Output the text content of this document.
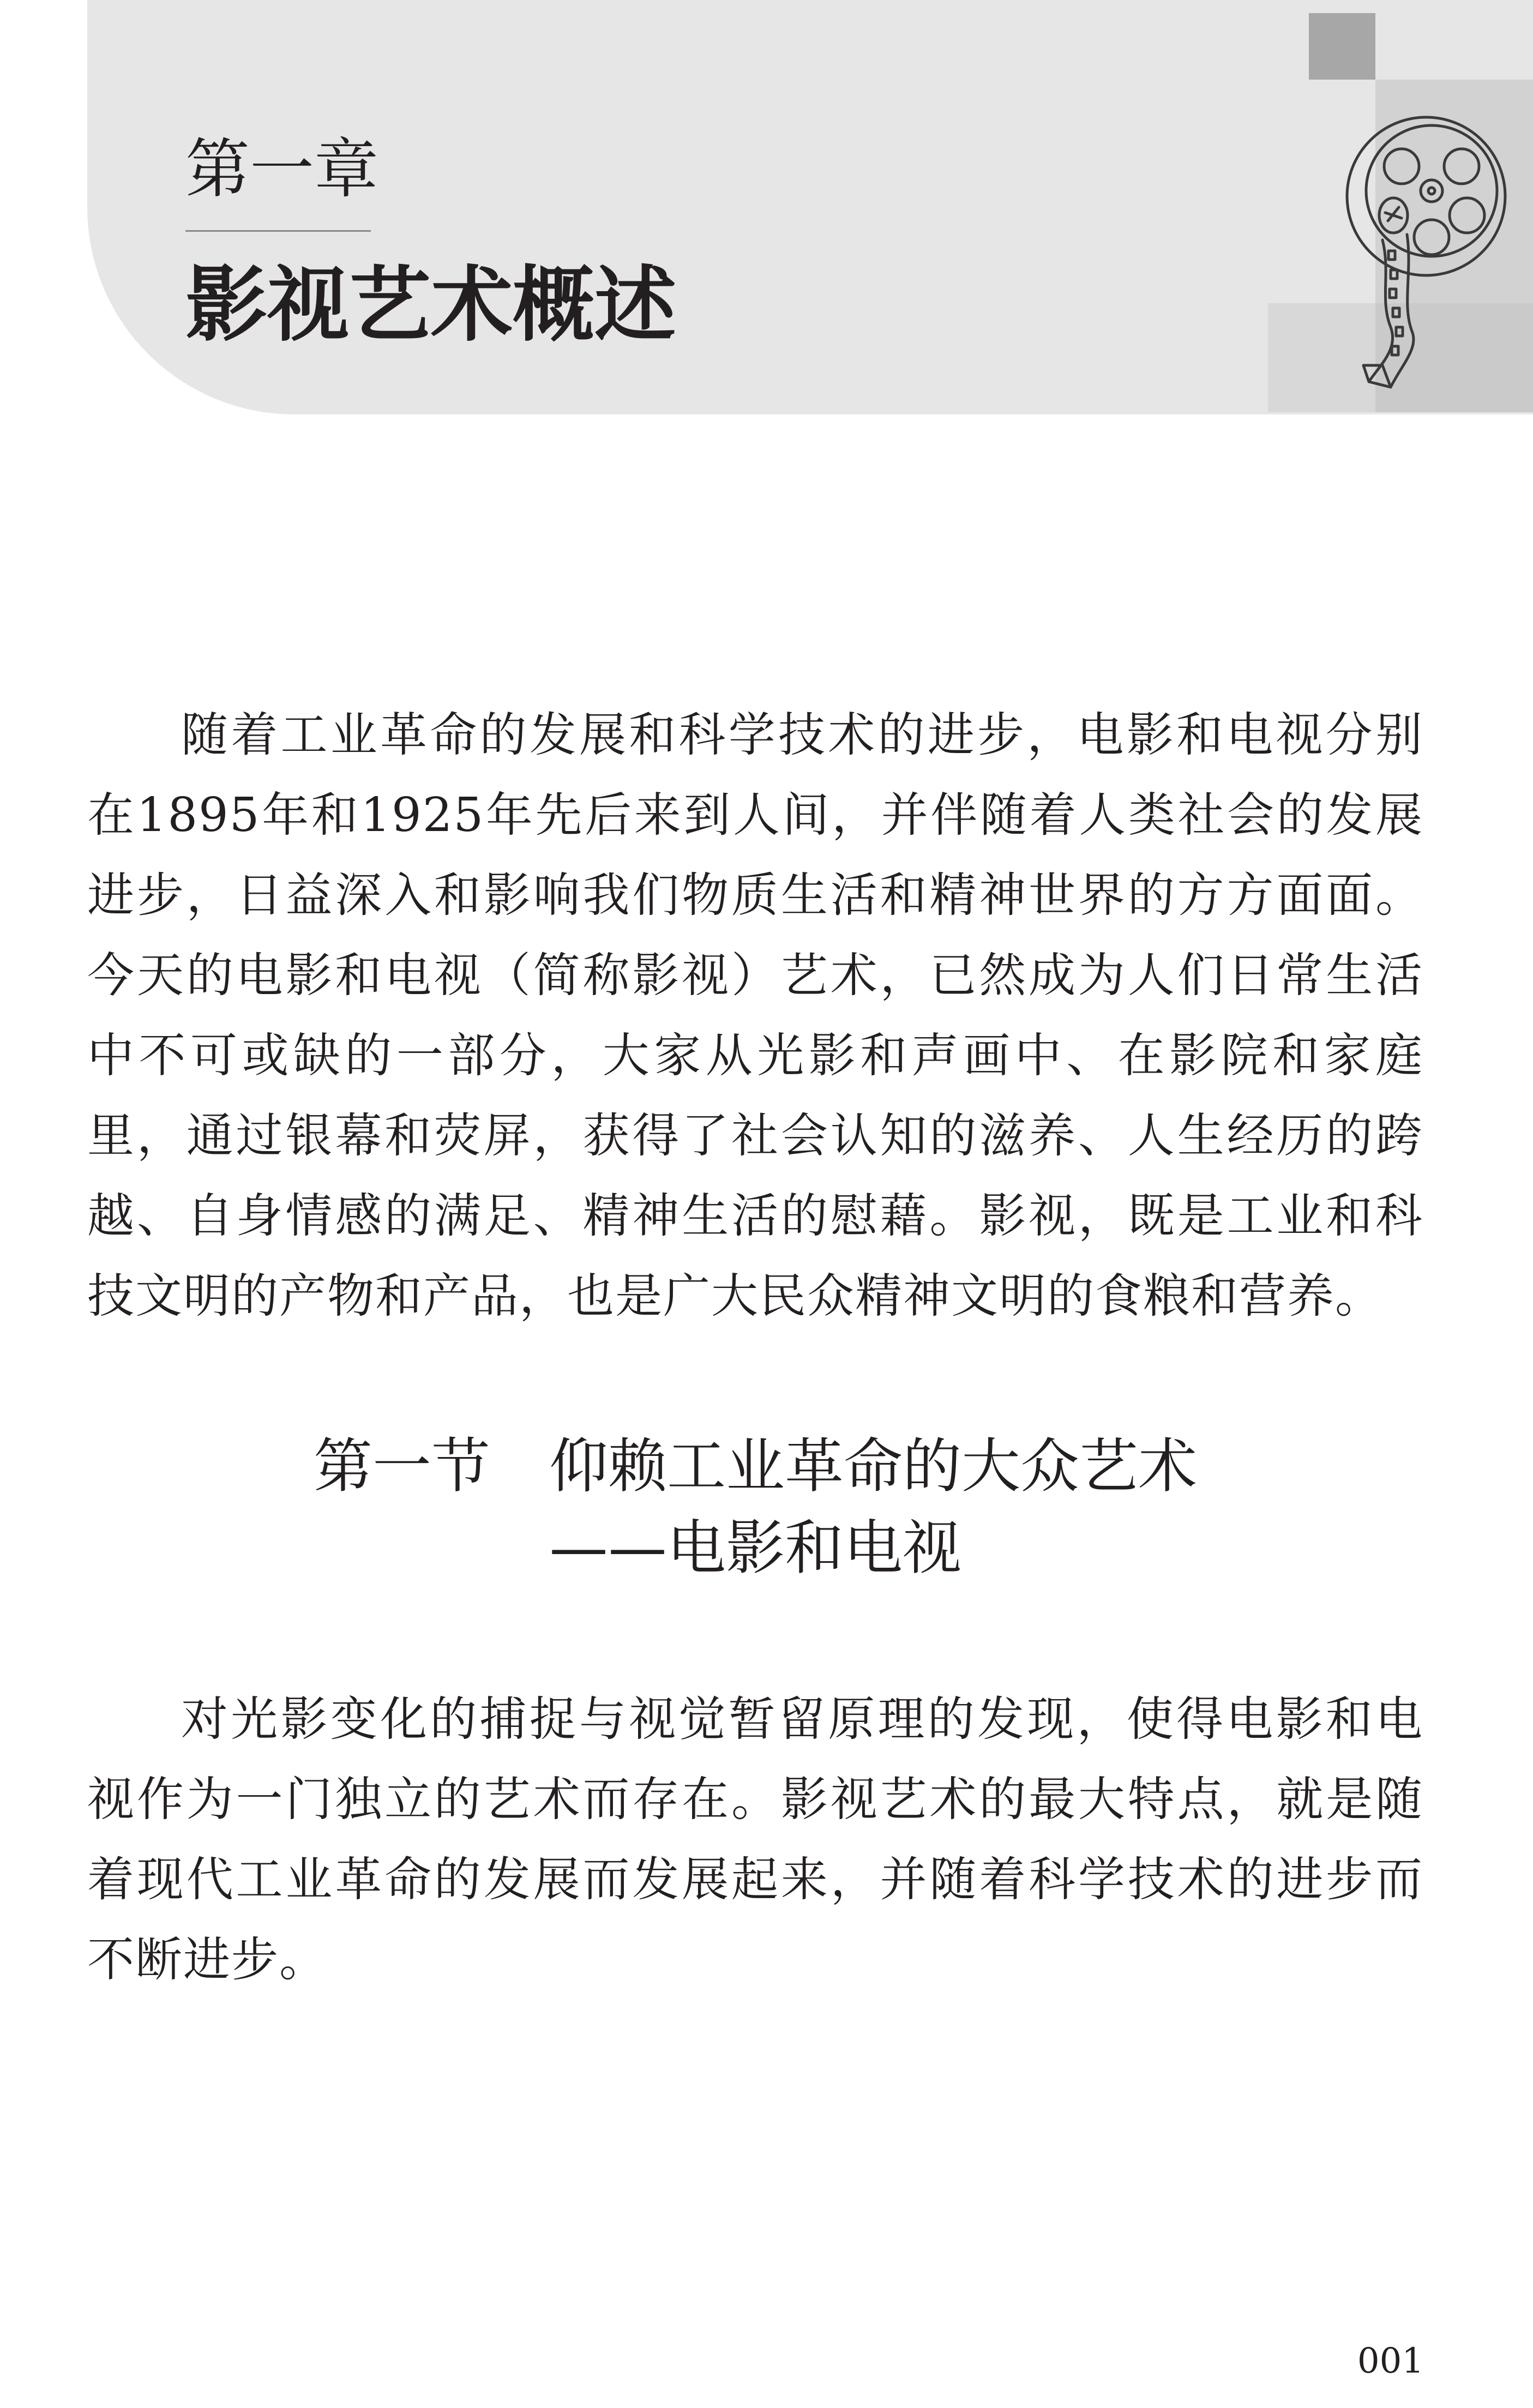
第一章
影视艺术概述

随着工业革命的发展和科学技术的进步，电影和电视分别在1895年和1925年先后来到人间，并伴随着人类社会的发展进步，日益深入和影响我们物质生活和精神世界的方方面面。今天的电影和电视（简称影视）艺术，已然成为人们日常生活中不可或缺的一部分，大家从光影和声画中、在影院和家庭里，通过银幕和荧屏，获得了社会认知的滋养、人生经历的跨越、自身情感的满足、精神生活的慰藉。影视，既是工业和科技文明的产物和产品，也是广大民众精神文明的食粮和营养。

第一节　仰赖工业革命的大众艺术
——电影和电视

对光影变化的捕捉与视觉暂留原理的发现，使得电影和电视作为一门独立的艺术而存在。影视艺术的最大特点，就是随着现代工业革命的发展而发展起来，并随着科学技术的进步而不断进步。

001
